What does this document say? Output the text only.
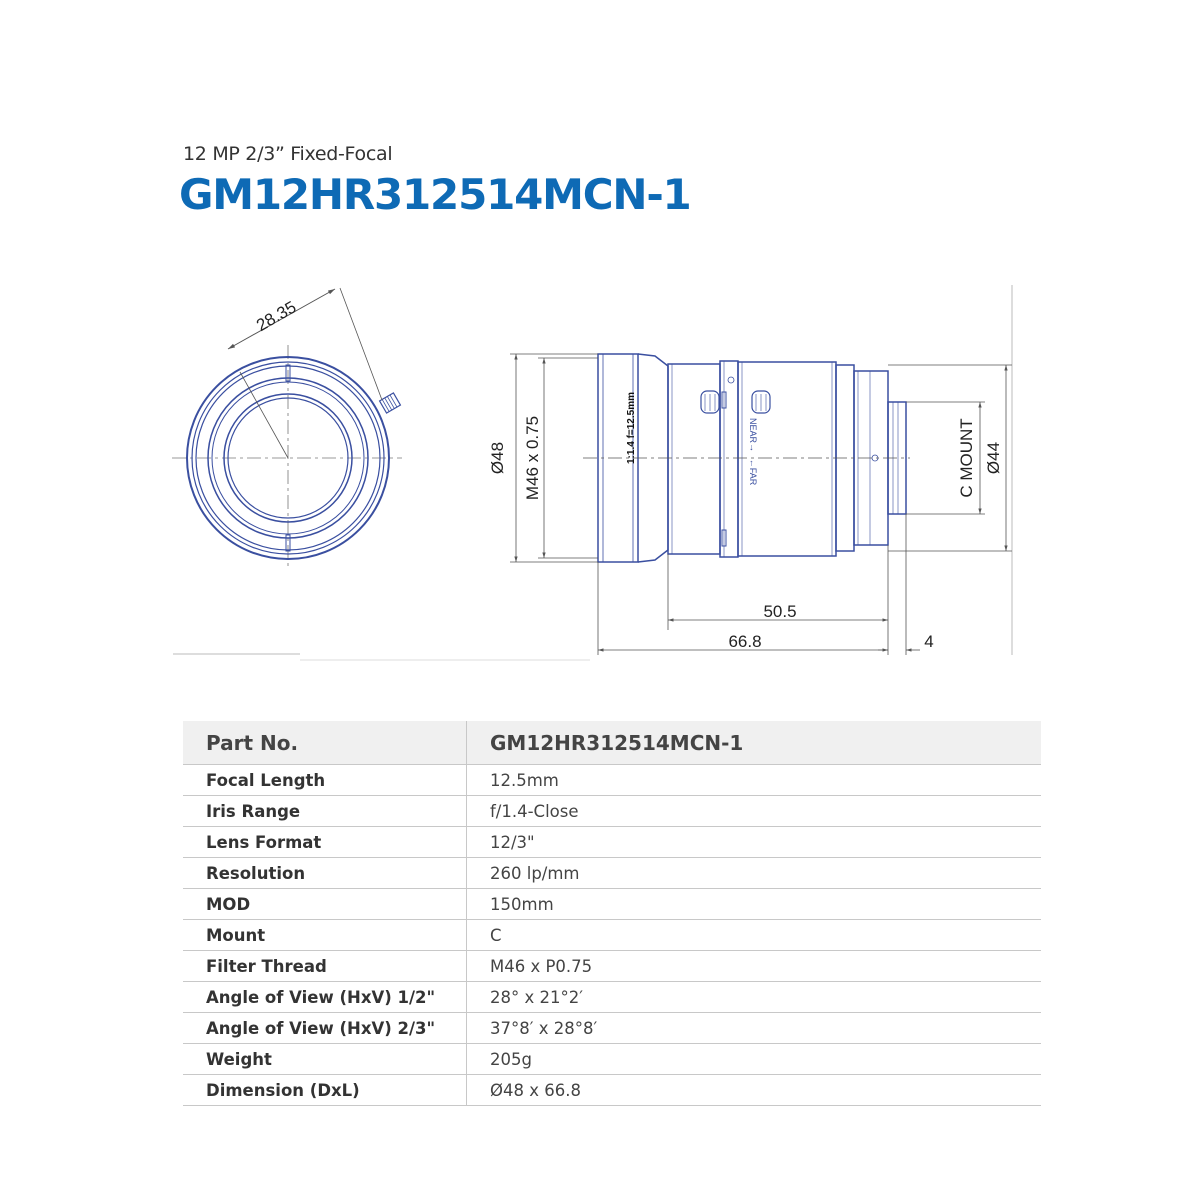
12 MP 2/3” Fixed-Focal
GM12HR312514MCN-1
28.35
1:1.4 f=12.5mm
←FAR
NEAR→
Ø48 M46 x 0.75	C MOUNT Ø44
50.5
66.8	4
Part No.	GM12HR312514MCN-1
Focal Length	12.5mm
Iris Range	f/1.4-Close
Lens Format	12/3"
Resolution	260 lp/mm
MOD	150mm
Mount	C
Filter Thread	M46 x P0.75
Angle of View (HxV) 1/2"	28° x 21°2′
Angle of View (HxV) 2/3"	37°8′ x 28°8′
Weight	205g
Dimension (DxL)	Ø48 x 66.8
